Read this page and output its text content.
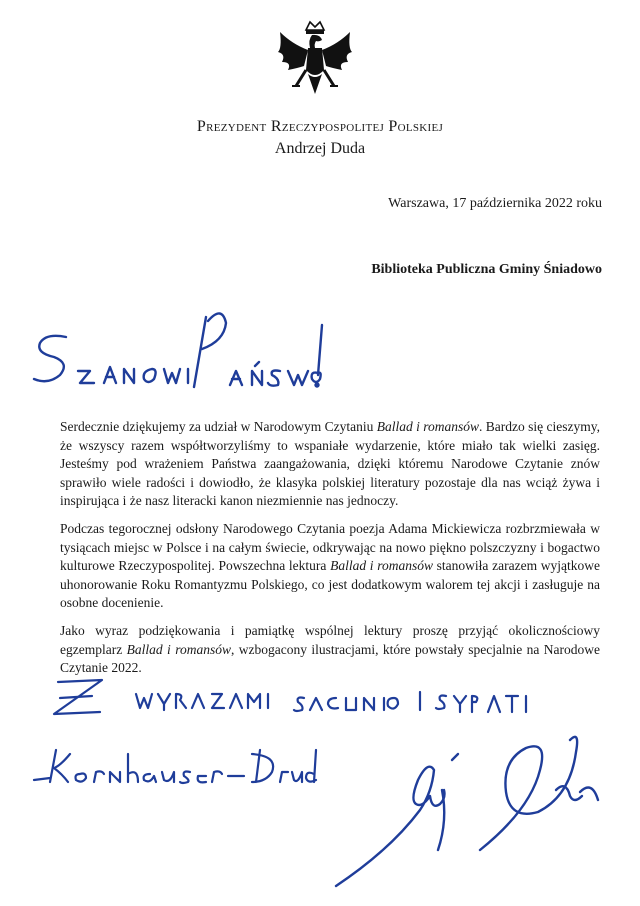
Prezydent Rzeczypospolitej Polskiej
Andrzej Duda
Warszawa, 17 października 2022 roku
Biblioteka Publiczna Gminy Śniadowo
Serdecznie dziękujemy za udział w Narodowym Czytaniu Ballad i romansów. Bardzo się cieszymy, że wszyscy razem współtworzyliśmy to wspaniałe wydarzenie, które miało tak wielki zasięg. Jesteśmy pod wrażeniem Państwa zaangażowania, dzięki któremu Narodowe Czytanie znów sprawiło wiele radości i dowiodło, że klasyka polskiej literatury pozostaje dla nas wciąż żywa i inspirująca i że nasz literacki kanon niezmiennie nas jednoczy.
Podczas tegorocznej odsłony Narodowego Czytania poezja Adama Mickiewicza rozbrzmiewała w tysiącach miejsc w Polsce i na całym świecie, odkrywając na nowo piękno polszczyzny i bogactwo kulturowe Rzeczypospolitej. Powszechna lektura Ballad i romansów stanowiła zarazem wyjątkowe uhonorowanie Roku Romantyzmu Polskiego, co jest dodatkowym walorem tej akcji i zasługuje na osobne docenienie.
Jako wyraz podziękowania i pamiątkę wspólnej lektury proszę przyjąć okolicznościowy egzemplarz Ballad i romansów, wzbogacony ilustracjami, które powstały specjalnie na Narodowe Czytanie 2022.
